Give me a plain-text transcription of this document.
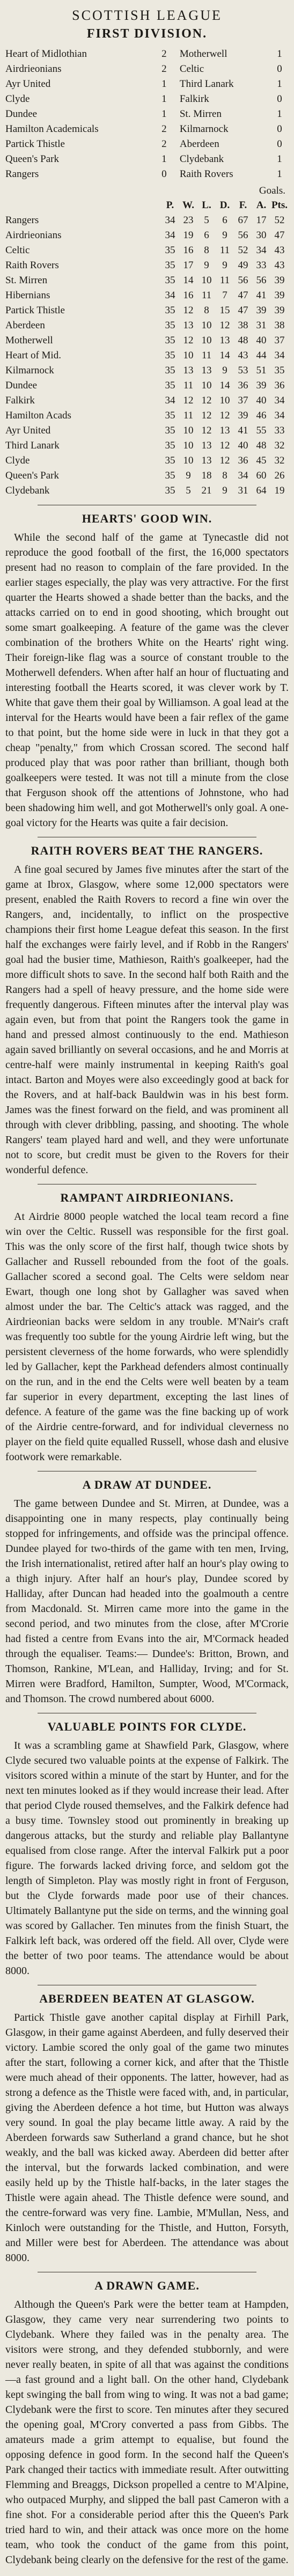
SCOTTISH LEAGUE
FIRST DIVISION.
Heart of Midlothian	2	Motherwell	1
Airdrieonians	2	Celtic	0
Ayr United	1	Third Lanark	1
Clyde	1	Falkirk	0
Dundee	1	St. Mirren	1
Hamilton Academicals	2	Kilmarnock	0
Partick Thistle	2	Aberdeen	0
Queen's Park	1	Clydebank	1
Rangers	0	Raith Rovers	1
Goals.
	P.	W.	L.	D.	F.	A.	Pts.
Rangers	34	23	5	6	67	17	52
Airdrieonians	34	19	6	9	56	30	47
Celtic	35	16	8	11	52	34	43
Raith Rovers	35	17	9	9	49	33	43
St. Mirren	35	14	10	11	56	56	39
Hibernians	34	16	11	7	47	41	39
Partick Thistle	35	12	8	15	47	39	39
Aberdeen	35	13	10	12	38	31	38
Motherwell	35	12	10	13	48	40	37
Heart of Mid.	35	10	11	14	43	44	34
Kilmarnock	35	13	13	9	53	51	35
Dundee	35	11	10	14	36	39	36
Falkirk	34	12	12	10	37	40	34
Hamilton Acads	35	11	12	12	39	46	34
Ayr United	35	10	12	13	41	55	33
Third Lanark	35	10	13	12	40	48	32
Clyde	35	10	13	12	36	45	32
Queen's Park	35	9	18	8	34	60	26
Clydebank	35	5	21	9	31	64	19
HEARTS' GOOD WIN.

While the second half of the game at Tynecastle did not reproduce the good football of the first, the 16,000 spectators present had no reason to complain of the fare provided. In the earlier stages especially, the play was very attractive. For the first quarter the Hearts showed a shade better than the backs, and the attacks carried on to end in good shooting, which brought out some smart goalkeeping. A feature of the game was the clever combination of the brothers White on the Hearts' right wing. Their foreign-like flag was a source of constant trouble to the Motherwell defenders. When after half an hour of fluctuating and interesting football the Hearts scored, it was clever work by T. White that gave them their goal by Williamson. A goal lead at the interval for the Hearts would have been a fair reflex of the game to that point, but the home side were in luck in that they got a cheap "penalty," from which Crossan scored. The second half produced play that was poor rather than brilliant, though both goalkeepers were tested. It was not till a minute from the close that Ferguson shook off the attentions of Johnstone, who had been shadowing him well, and got Motherwell's only goal. A one-goal victory for the Hearts was quite a fair decision.

RAITH ROVERS BEAT THE RANGERS.

A fine goal secured by James five minutes after the start of the game at Ibrox, Glasgow, where some 12,000 spectators were present, enabled the Raith Rovers to record a fine win over the Rangers, and, incidentally, to inflict on the prospective champions their first home League defeat this season. In the first half the exchanges were fairly level, and if Robb in the Rangers' goal had the busier time, Mathieson, Raith's goalkeeper, had the more difficult shots to save. In the second half both Raith and the Rangers had a spell of heavy pressure, and the home side were frequently dangerous. Fifteen minutes after the interval play was again even, but from that point the Rangers took the game in hand and pressed almost continuously to the end. Mathieson again saved brilliantly on several occasions, and he and Morris at centre-half were mainly instrumental in keeping Raith's goal intact. Barton and Moyes were also exceedingly good at back for the Rovers, and at half-back Bauldwin was in his best form. James was the finest forward on the field, and was prominent all through with clever dribbling, passing, and shooting. The whole Rangers' team played hard and well, and they were unfortunate not to score, but credit must be given to the Rovers for their wonderful defence.

RAMPANT AIRDRIEONIANS.

At Airdrie 8000 people watched the local team record a fine win over the Celtic. Russell was responsible for the first goal. This was the only score of the first half, though twice shots by Gallacher and Russell rebounded from the foot of the goals. Gallacher scored a second goal. The Celts were seldom near Ewart, though one long shot by Gallagher was saved when almost under the bar. The Celtic's attack was ragged, and the Airdrieonian backs were seldom in any trouble. M'Nair's craft was frequently too subtle for the young Airdrie left wing, but the persistent cleverness of the home forwards, who were splendidly led by Gallacher, kept the Parkhead defenders almost continually on the run, and in the end the Celts were well beaten by a team far superior in every department, excepting the last lines of defence. A feature of the game was the fine backing up of work of the Airdrie centre-forward, and for individual cleverness no player on the field quite equalled Russell, whose dash and elusive footwork were remarkable.

A DRAW AT DUNDEE.

The game between Dundee and St. Mirren, at Dundee, was a disappointing one in many respects, play continually being stopped for infringements, and offside was the principal offence. Dundee played for two-thirds of the game with ten men, Irving, the Irish internationalist, retired after half an hour's play owing to a thigh injury. After half an hour's play, Dundee scored by Halliday, after Duncan had headed into the goalmouth a centre from Macdonald. St. Mirren came more into the game in the second period, and two minutes from the close, after M'Crorie had fisted a centre from Evans into the air, M'Cormack headed through the equaliser. Teams:— Dundee's: Britton, Brown, and Thomson, Rankine, M'Lean, and Halliday, Irving; and for St. Mirren were Bradford, Hamilton, Sumpter, Wood, M'Cormack, and Thomson. The crowd numbered about 6000.

VALUABLE POINTS FOR CLYDE.

It was a scrambling game at Shawfield Park, Glasgow, where Clyde secured two valuable points at the expense of Falkirk. The visitors scored within a minute of the start by Hunter, and for the next ten minutes looked as if they would increase their lead. After that period Clyde roused themselves, and the Falkirk defence had a busy time. Townsley stood out prominently in breaking up dangerous attacks, but the sturdy and reliable play Ballantyne equalised from close range. After the interval Falkirk put a poor figure. The forwards lacked driving force, and seldom got the length of Simpleton. Play was mostly right in front of Ferguson, but the Clyde forwards made poor use of their chances. Ultimately Ballantyne put the side on terms, and the winning goal was scored by Gallacher. Ten minutes from the finish Stuart, the Falkirk left back, was ordered off the field. All over, Clyde were the better of two poor teams. The attendance would be about 8000.

ABERDEEN BEATEN AT GLASGOW.

Partick Thistle gave another capital display at Firhill Park, Glasgow, in their game against Aberdeen, and fully deserved their victory. Lambie scored the only goal of the game two minutes after the start, following a corner kick, and after that the Thistle were much ahead of their opponents. The latter, however, had as strong a defence as the Thistle were faced with, and, in particular, giving the Aberdeen defence a hot time, but Hutton was always very sound. In goal the play became little away. A raid by the Aberdeen forwards saw Sutherland a grand chance, but he shot weakly, and the ball was kicked away. Aberdeen did better after the interval, but the forwards lacked combination, and were easily held up by the Thistle half-backs, in the later stages the Thistle were again ahead. The Thistle defence were sound, and the centre-forward was very fine. Lambie, M'Mullan, Ness, and Kinloch were outstanding for the Thistle, and Hutton, Forsyth, and Miller were best for Aberdeen. The attendance was about 8000.

A DRAWN GAME.

Although the Queen's Park were the better team at Hampden, Glasgow, they came very near surrendering two points to Clydebank. Where they failed was in the penalty area. The visitors were strong, and they defended stubbornly, and were never really beaten, in spite of all that was against the conditions—a fast ground and a light ball. On the other hand, Clydebank kept swinging the ball from wing to wing. It was not a bad game; Clydebank were the first to score. Ten minutes after they secured the opening goal, M'Crory converted a pass from Gibbs. The amateurs made a grim attempt to equalise, but found the opposing defence in good form. In the second half the Queen's Park changed their tactics with immediate result. After outwitting Flemming and Breaggs, Dickson propelled a centre to M'Alpine, who outpaced Murphy, and slipped the ball past Cameron with a fine shot. For a considerable period after this the Queen's Park tried hard to win, and their attack was once more on the home team, who took the conduct of the game from this point, Clydebank being clearly on the defensive for the rest of the game.
